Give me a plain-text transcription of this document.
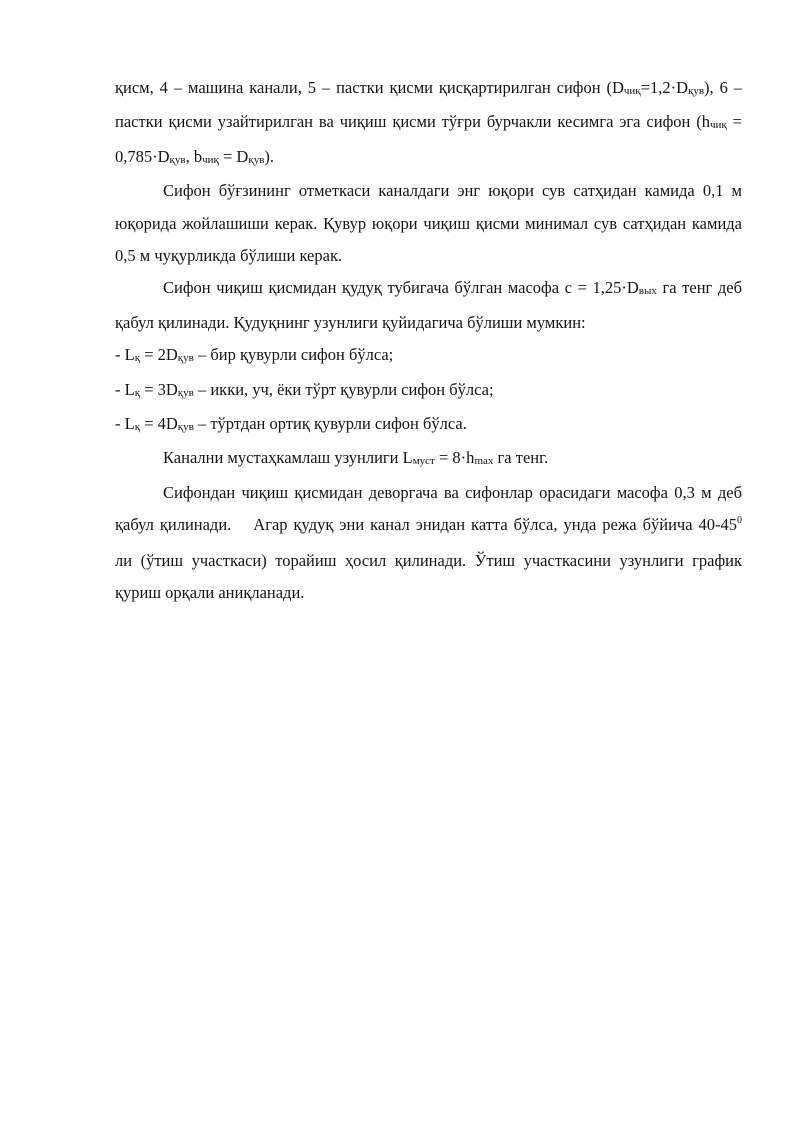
қисм, 4 – машина канали, 5 – пастки қисми қисқартирилган сифон (Dчиқ=1,2·Dқув), 6 – пастки қисми узайтирилган ва чиқиш қисми тўғри бурчакли кесимга эга сифон (hчиқ = 0,785·Dқув, bчиқ = Dқув).

Сифон бўғзининг отметкаси каналдаги энг юқори сув сатҳидан камида 0,1 м юқорида жойлашиши керак. Қувур юқори чиқиш қисми минимал сув сатҳидан камида 0,5 м чуқурликда бўлиши керак.

Сифон чиқиш қисмидан қудуқ тубигача бўлган масофа с = 1,25·Dвых га тенг деб қабул қилинади. Қудуқнинг узунлиги қуйидагича бўлиши мумкин:

- Lқ = 2Dқув – бир қувурли сифон бўлса;

- Lқ = 3Dқув – икки, уч, ёки тўрт қувурли сифон бўлса;

- Lқ = 4Dқув – тўртдан ортиқ қувурли сифон бўлса.

Канални мустаҳкамлаш узунлиги Lмуст = 8·hmax га тенг.

Сифондан чиқиш қисмидан деворгача ва сифонлар орасидаги масофа 0,3 м деб қабул қилинади. Агар қудуқ эни канал энидан катта бўлса, унда режа бўйича $40-45^0$ ли (ўтиш участкаси) торайиш ҳосил қилинади. Ўтиш участкасини узунлиги график қуриш орқали аниқланади.
